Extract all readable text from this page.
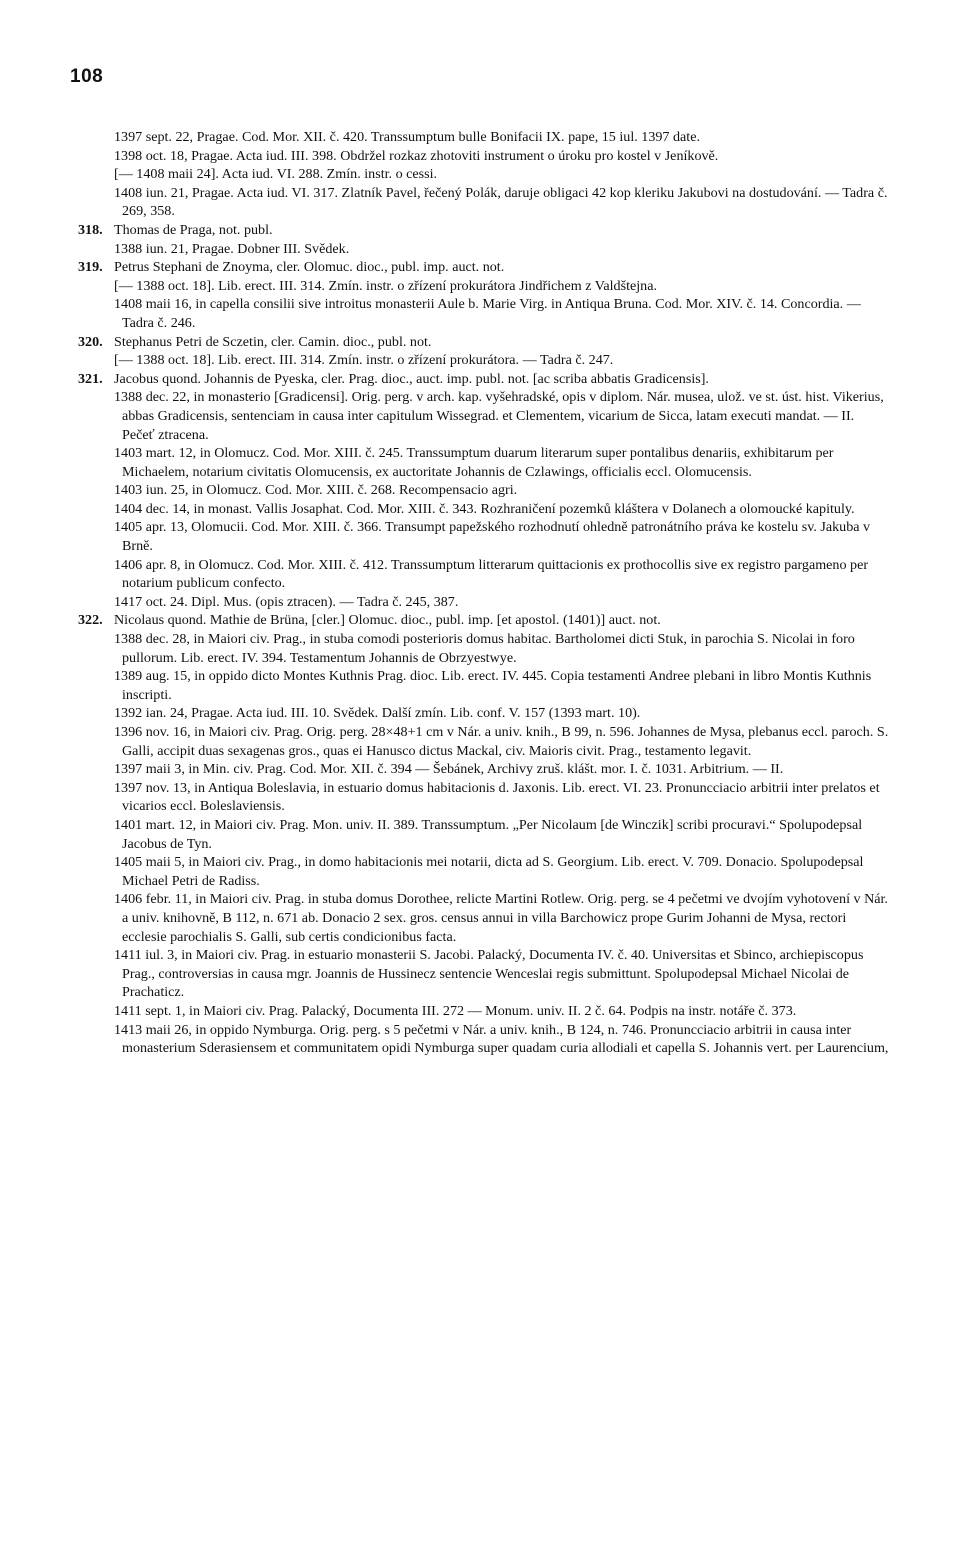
108
1397 sept. 22, Pragae. Cod. Mor. XII. č. 420. Transsumptum bulle Bonifacii IX. pape, 15 iul. 1397 date.
1398 oct. 18, Pragae. Acta iud. III. 398. Obdržel rozkaz zhotoviti instrument o úroku pro kostel v Jeníkově.
[— 1408 maii 24]. Acta iud. VI. 288. Zmín. instr. o cessi.
1408 iun. 21, Pragae. Acta iud. VI. 317. Zlatník Pavel, řečený Polák, daruje obligaci 42 kop kleriku Jakubovi na dostudování. — Tadra č. 269, 358.
318. Thomas de Praga, not. publ.
1388 iun. 21, Pragae. Dobner III. Svědek.
319. Petrus Stephani de Znoyma, cler. Olomuc. dioc., publ. imp. auct. not.
[— 1388 oct. 18]. Lib. erect. III. 314. Zmín. instr. o zřízení prokurátora Jindřichem z Valdštejna.
1408 maii 16, in capella consilii sive introitus monasterii Aule b. Marie Virg. in Antiqua Bruna. Cod. Mor. XIV. č. 14. Concordia. — Tadra č. 246.
320. Stephanus Petri de Sczetin, cler. Camin. dioc., publ. not.
[— 1388 oct. 18]. Lib. erect. III. 314. Zmín. instr. o zřízení prokurátora. — Tadra č. 247.
321. Jacobus quond. Johannis de Pyeska, cler. Prag. dioc., auct. imp. publ. not. [ac scriba abbatis Gradicensis].
1388 dec. 22, in monasterio [Gradicensi]. Orig. perg. v arch. kap. vyšehradské, opis v diplom. Nár. musea, ulož. ve st. úst. hist. Vikerius, abbas Gradicensis, sentenciam in causa inter capitulum Wissegrad. et Clementem, vicarium de Sicca, latam executi mandat. — II. Pečeť ztracena.
1403 mart. 12, in Olomucz. Cod. Mor. XIII. č. 245. Transsumptum duarum literarum super pontalibus denariis, exhibitarum per Michaelem, notarium civitatis Olomucensis, ex auctoritate Johannis de Czlawings, officialis eccl. Olomucensis.
1403 iun. 25, in Olomucz. Cod. Mor. XIII. č. 268. Recompensacio agri.
1404 dec. 14, in monast. Vallis Josaphat. Cod. Mor. XIII. č. 343. Rozhraničení pozemků kláštera v Dolanech a olomoucké kapituly.
1405 apr. 13, Olomucii. Cod. Mor. XIII. č. 366. Transumpt papežského rozhodnutí ohledně patronátního práva ke kostelu sv. Jakuba v Brně.
1406 apr. 8, in Olomucz. Cod. Mor. XIII. č. 412. Transsumptum litterarum quittacionis ex prothocollis sive ex registro pargameno per notarium publicum confecto.
1417 oct. 24. Dipl. Mus. (opis ztracen). — Tadra č. 245, 387.
322. Nicolaus quond. Mathie de Brüna, [cler.] Olomuc. dioc., publ. imp. [et apostol. (1401)] auct. not.
1388 dec. 28, in Maiori civ. Prag., in stuba comodi posterioris domus habitac. Bartholomei dicti Stuk, in parochia S. Nicolai in foro pullorum. Lib. erect. IV. 394. Testamentum Johannis de Obrzyestwye.
1389 aug. 15, in oppido dicto Montes Kuthnis Prag. dioc. Lib. erect. IV. 445. Copia testamenti Andree plebani in libro Montis Kuthnis inscripti.
1392 ian. 24, Pragae. Acta iud. III. 10. Svědek. Další zmín. Lib. conf. V. 157 (1393 mart. 10).
1396 nov. 16, in Maiori civ. Prag. Orig. perg. 28×48+1 cm v Nár. a univ. knih., B 99, n. 596. Johannes de Mysa, plebanus eccl. paroch. S. Galli, accipit duas sexagenas gros., quas ei Hanusco dictus Mackal, civ. Maioris civit. Prag., testamento legavit.
1397 maii 3, in Min. civ. Prag. Cod. Mor. XII. č. 394 — Šebánek, Archivy zruš. klášt. mor. I. č. 1031. Arbitrium. — II.
1397 nov. 13, in Antiqua Boleslavia, in estuario domus habitacionis d. Jaxonis. Lib. erect. VI. 23. Pronuncciacio arbitrii inter prelatos et vicarios eccl. Boleslaviensis.
1401 mart. 12, in Maiori civ. Prag. Mon. univ. II. 389. Transsumptum. „Per Nicolaum [de Winczik] scribi procuravi.“ Spolupodepsal Jacobus de Tyn.
1405 maii 5, in Maiori civ. Prag., in domo habitacionis mei notarii, dicta ad S. Georgium. Lib. erect. V. 709. Donacio. Spolupodepsal Michael Petri de Radiss.
1406 febr. 11, in Maiori civ. Prag. in stuba domus Dorothee, relicte Martini Rotlew. Orig. perg. se 4 pečetmi ve dvojím vyhotovení v Nár. a univ. knihovně, B 112, n. 671 ab. Donacio 2 sex. gros. census annui in villa Barchowicz prope Gurim Johanni de Mysa, rectori ecclesie parochialis S. Galli, sub certis condicionibus facta.
1411 iul. 3, in Maiori civ. Prag. in estuario monasterii S. Jacobi. Palacký, Documenta IV. č. 40. Universitas et Sbinco, archiepiscopus Prag., controversias in causa mgr. Joannis de Hussinecz sentencie Wenceslai regis submittunt. Spolupodepsal Michael Nicolai de Prachaticz.
1411 sept. 1, in Maiori civ. Prag. Palacký, Documenta III. 272 — Monum. univ. II. 2 č. 64. Podpis na instr. notáře č. 373.
1413 maii 26, in oppido Nymburga. Orig. perg. s 5 pečetmi v Nár. a univ. knih., B 124, n. 746. Pronuncciacio arbitrii in causa inter monasterium Sderasiensem et communitatem opidi Nymburga super quadam curia allodiali et capella S. Johannis vert. per Laurencium,
